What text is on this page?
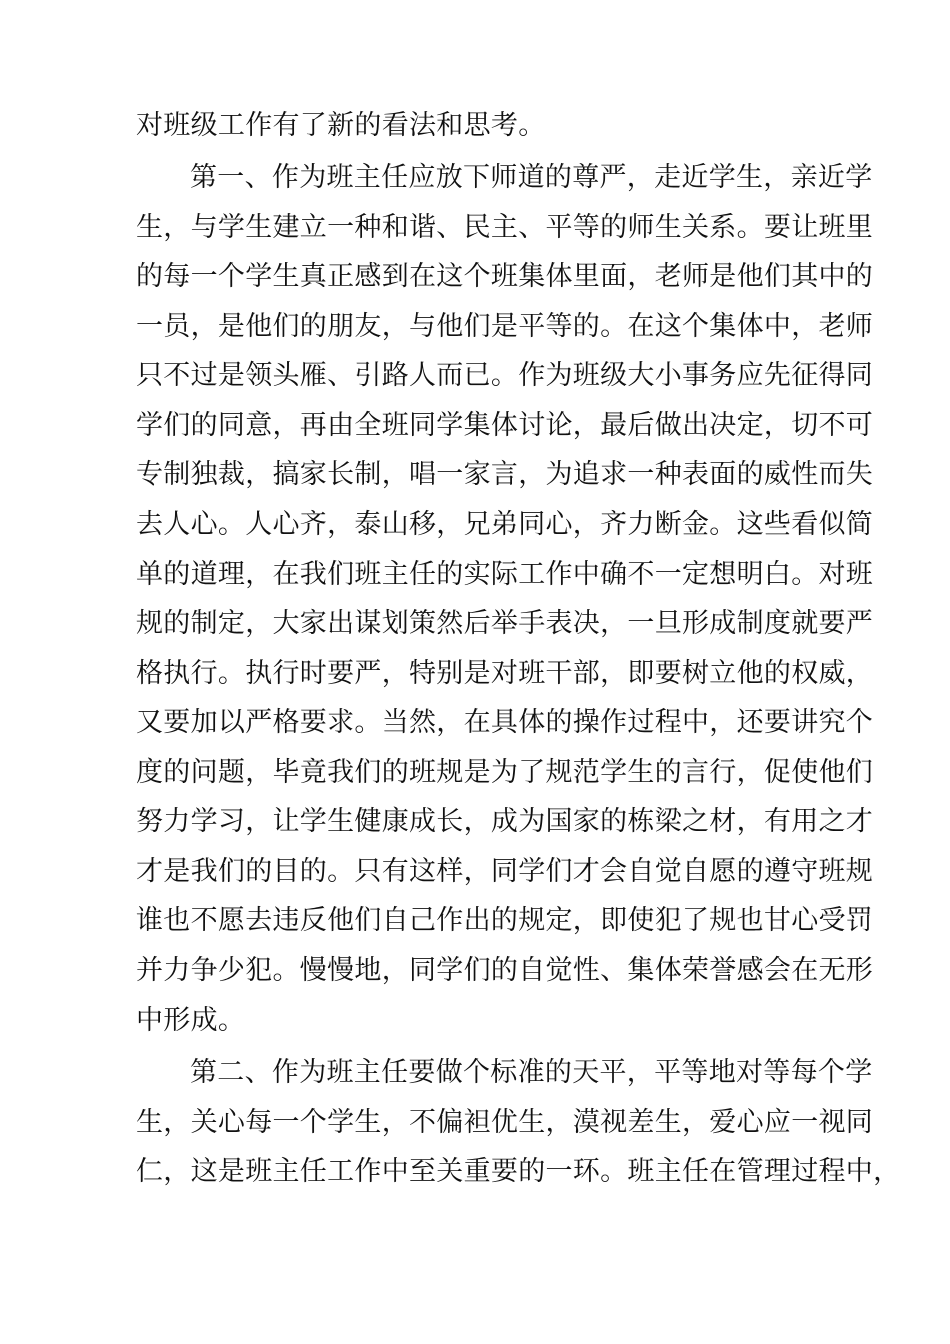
对班级工作有了新的看法和思考。
第一、作为班主任应放下师道的尊严，走近学生，亲近学
生，与学生建立一种和谐、民主、平等的师生关系。要让班里
的每一个学生真正感到在这个班集体里面，老师是他们其中的
一员，是他们的朋友，与他们是平等的。在这个集体中，老师
只不过是领头雁、引路人而已。作为班级大小事务应先征得同
学们的同意，再由全班同学集体讨论，最后做出决定，切不可
专制独裁，搞家长制，唱一家言，为追求一种表面的威性而失
去人心。人心齐，泰山移，兄弟同心，齐力断金。这些看似简
单的道理，在我们班主任的实际工作中确不一定想明白。对班
规的制定，大家出谋划策然后举手表决，一旦形成制度就要严
格执行。执行时要严，特别是对班干部，即要树立他的权威，
又要加以严格要求。当然，在具体的操作过程中，还要讲究个
度的问题，毕竟我们的班规是为了规范学生的言行，促使他们
努力学习，让学生健康成长，成为国家的栋梁之材，有用之才
才是我们的目的。只有这样，同学们才会自觉自愿的遵守班规
谁也不愿去违反他们自己作出的规定，即使犯了规也甘心受罚
并力争少犯。慢慢地，同学们的自觉性、集体荣誉感会在无形
中形成。
第二、作为班主任要做个标准的天平，平等地对等每个学
生，关心每一个学生，不偏袒优生，漠视差生，爱心应一视同
仁，这是班主任工作中至关重要的一环。班主任在管理过程中，
